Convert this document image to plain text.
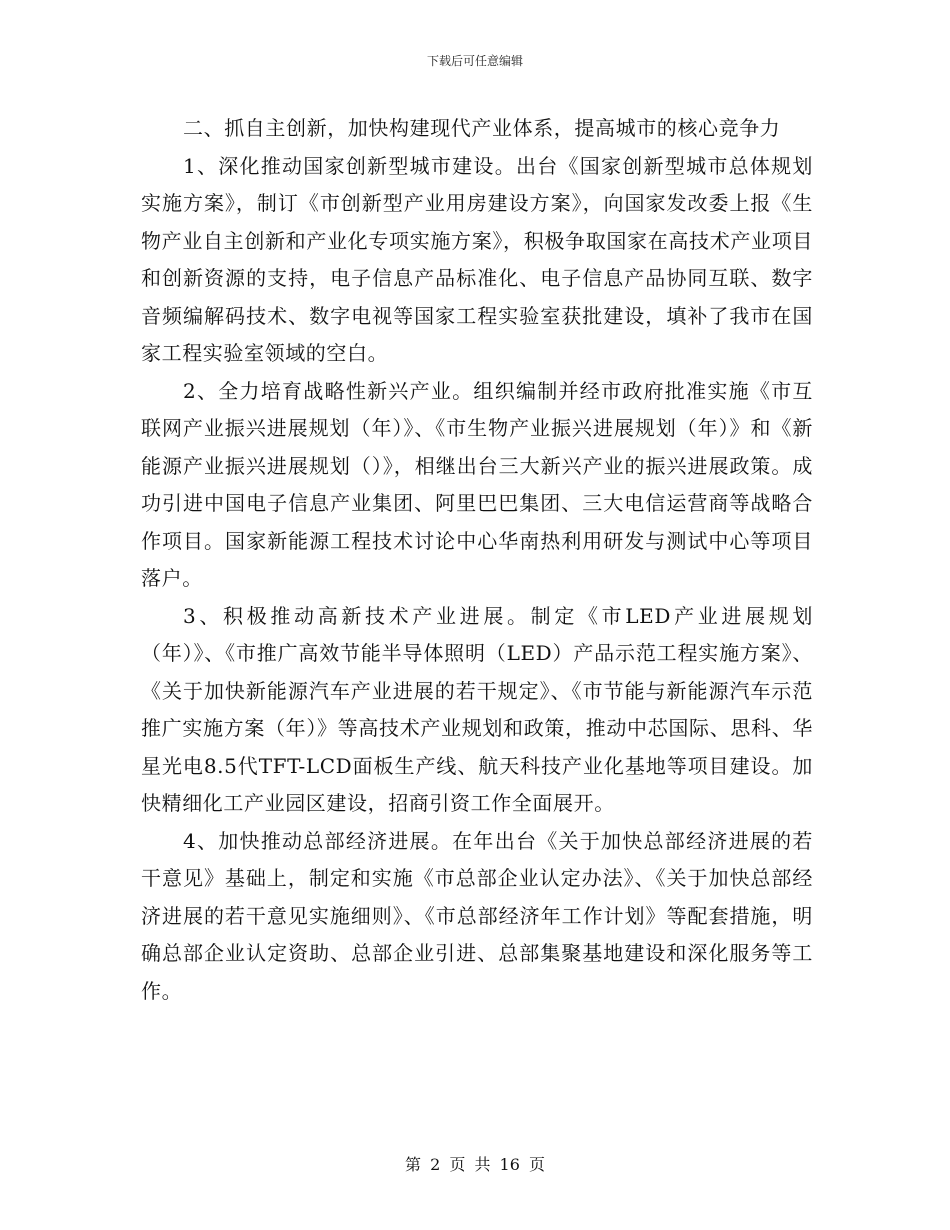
下载后可任意编辑

二、抓自主创新，加快构建现代产业体系，提高城市的核心竞争力

1、深化推动国家创新型城市建设。出台《国家创新型城市总体规划实施方案》，制订《市创新型产业用房建设方案》，向国家发改委上报《生物产业自主创新和产业化专项实施方案》，积极争取国家在高技术产业项目和创新资源的支持，电子信息产品标准化、电子信息产品协同互联、数字音频编解码技术、数字电视等国家工程实验室获批建设，填补了我市在国家工程实验室领域的空白。

2、全力培育战略性新兴产业。组织编制并经市政府批准实施《市互联网产业振兴进展规划（年）》、《市生物产业振兴进展规划（年）》和《新能源产业振兴进展规划（）》，相继出台三大新兴产业的振兴进展政策。成功引进中国电子信息产业集团、阿里巴巴集团、三大电信运营商等战略合作项目。国家新能源工程技术讨论中心华南热利用研发与测试中心等项目落户。

3、积极推动高新技术产业进展。制定《市LED产业进展规划（年）》、《市推广高效节能半导体照明（LED）产品示范工程实施方案》、《关于加快新能源汽车产业进展的若干规定》、《市节能与新能源汽车示范推广实施方案（年）》等高技术产业规划和政策，推动中芯国际、思科、华星光电8.5代TFT-LCD面板生产线、航天科技产业化基地等项目建设。加快精细化工产业园区建设，招商引资工作全面展开。

4、加快推动总部经济进展。在年出台《关于加快总部经济进展的若干意见》基础上，制定和实施《市总部企业认定办法》、《关于加快总部经济进展的若干意见实施细则》、《市总部经济年工作计划》等配套措施，明确总部企业认定资助、总部企业引进、总部集聚基地建设和深化服务等工作。

第 2 页 共 16 页
